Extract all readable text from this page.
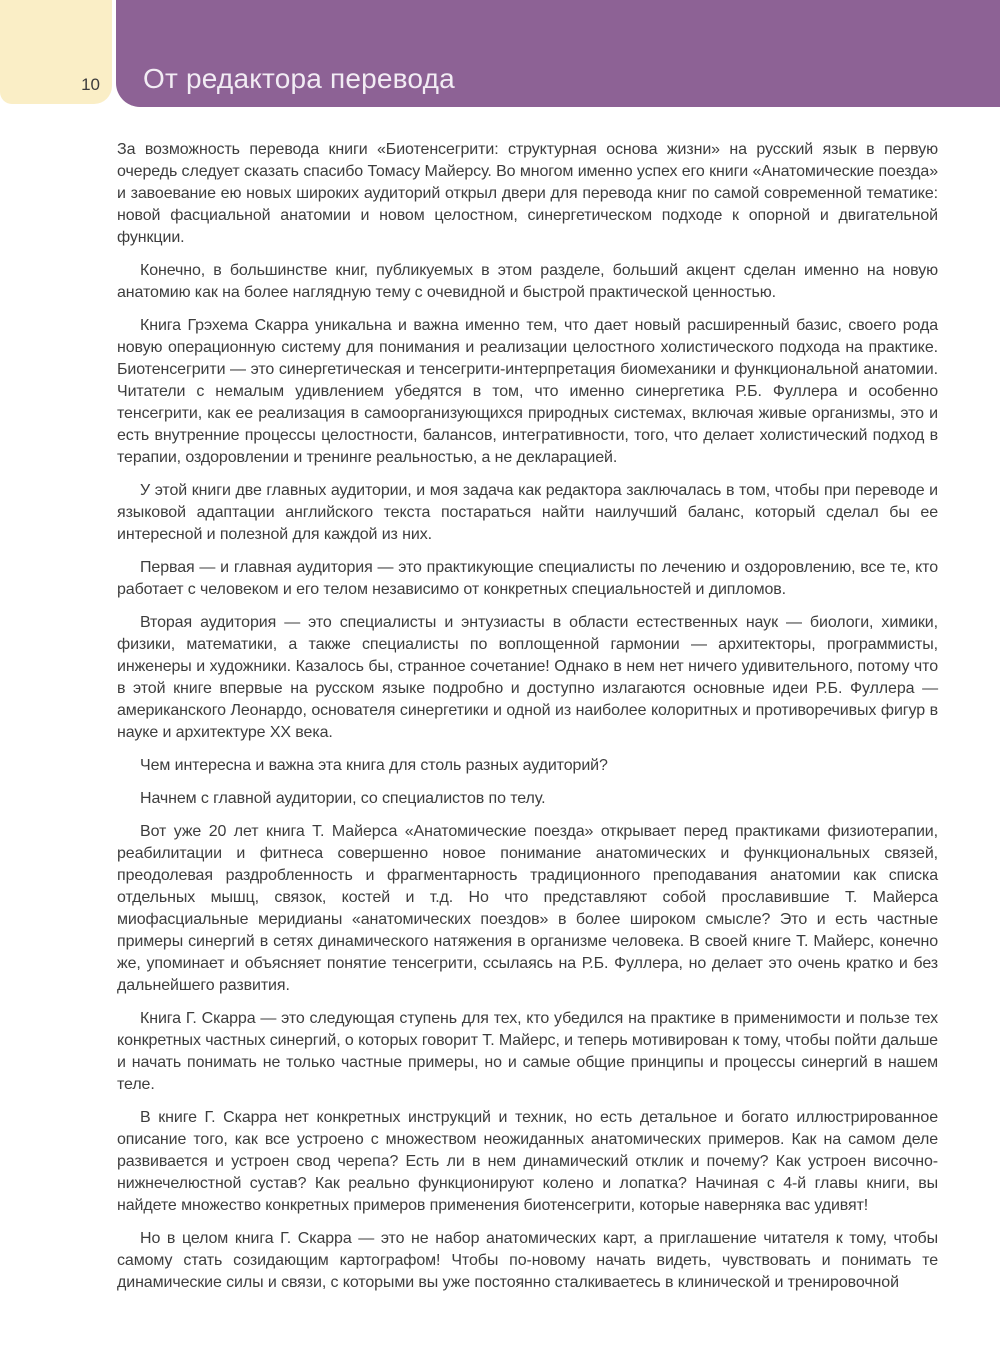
10 От редактора перевода

За возможность перевода книги «Биотенсегрити: структурная основа жизни» на русский язык в первую очередь следует сказать спасибо Томасу Майерсу. Во многом именно успех его книги «Анатомические поезда» и завоевание ею новых широких аудиторий открыл двери для перевода книг по самой современной тематике: новой фасциальной анатомии и новом целостном, синергетическом подходе к опорной и двигательной функции.

Конечно, в большинстве книг, публикуемых в этом разделе, больший акцент сделан именно на новую анатомию как на более наглядную тему с очевидной и быстрой практической ценностью.

Книга Грэхема Скарра уникальна и важна именно тем, что дает новый расширенный базис, своего рода новую операционную систему для понимания и реализации целостного холистического подхода на практике. Биотенсегрити — это синергетическая и тенсегрити-интерпретация биомеханики и функциональной анатомии. Читатели с немалым удивлением убедятся в том, что именно синергетика Р.Б. Фуллера и особенно тенсегрити, как ее реализация в самоорганизующихся природных системах, включая живые организмы, это и есть внутренние процессы целостности, балансов, интегративности, того, что делает холистический подход в терапии, оздоровлении и тренинге реальностью, а не декларацией.

У этой книги две главных аудитории, и моя задача как редактора заключалась в том, чтобы при переводе и языковой адаптации английского текста постараться найти наилучший баланс, который сделал бы ее интересной и полезной для каждой из них.

Первая — и главная аудитория — это практикующие специалисты по лечению и оздоровлению, все те, кто работает с человеком и его телом независимо от конкретных специальностей и дипломов.

Вторая аудитория — это специалисты и энтузиасты в области естественных наук — биологи, химики, физики, математики, а также специалисты по воплощенной гармонии — архитекторы, программисты, инженеры и художники. Казалось бы, странное сочетание! Однако в нем нет ничего удивительного, потому что в этой книге впервые на русском языке подробно и доступно излагаются основные идеи Р.Б. Фуллера — американского Леонардо, основателя синергетики и одной из наиболее колоритных и противоречивых фигур в науке и архитектуре XX века.

Чем интересна и важна эта книга для столь разных аудиторий?

Начнем с главной аудитории, со специалистов по телу.

Вот уже 20 лет книга Т. Майерса «Анатомические поезда» открывает перед практиками физиотерапии, реабилитации и фитнеса совершенно новое понимание анатомических и функциональных связей, преодолевая раздробленность и фрагментарность традиционного преподавания анатомии как списка отдельных мышц, связок, костей и т.д. Но что представляют собой прославившие Т. Майерса миофасциальные меридианы «анатомических поездов» в более широком смысле? Это и есть частные примеры синергий в сетях динамического натяжения в организме человека. В своей книге Т. Майерс, конечно же, упоминает и объясняет понятие тенсегрити, ссылаясь на Р.Б. Фуллера, но делает это очень кратко и без дальнейшего развития.

Книга Г. Скарра — это следующая ступень для тех, кто убедился на практике в применимости и пользе тех конкретных частных синергий, о которых говорит Т. Майерс, и теперь мотивирован к тому, чтобы пойти дальше и начать понимать не только частные примеры, но и самые общие принципы и процессы синергий в нашем теле.

В книге Г. Скарра нет конкретных инструкций и техник, но есть детальное и богато иллюстрированное описание того, как все устроено с множеством неожиданных анатомических примеров. Как на самом деле развивается и устроен свод черепа? Есть ли в нем динамический отклик и почему? Как устроен височно-нижнечелюстной сустав? Как реально функционируют колено и лопатка? Начиная с 4-й главы книги, вы найдете множество конкретных примеров применения биотенсегрити, которые наверняка вас удивят!

Но в целом книга Г. Скарра — это не набор анатомических карт, а приглашение читателя к тому, чтобы самому стать созидающим картографом! Чтобы по-новому начать видеть, чувствовать и понимать те динамические силы и связи, с которыми вы уже постоянно сталкиваетесь в клинической и тренировочной
